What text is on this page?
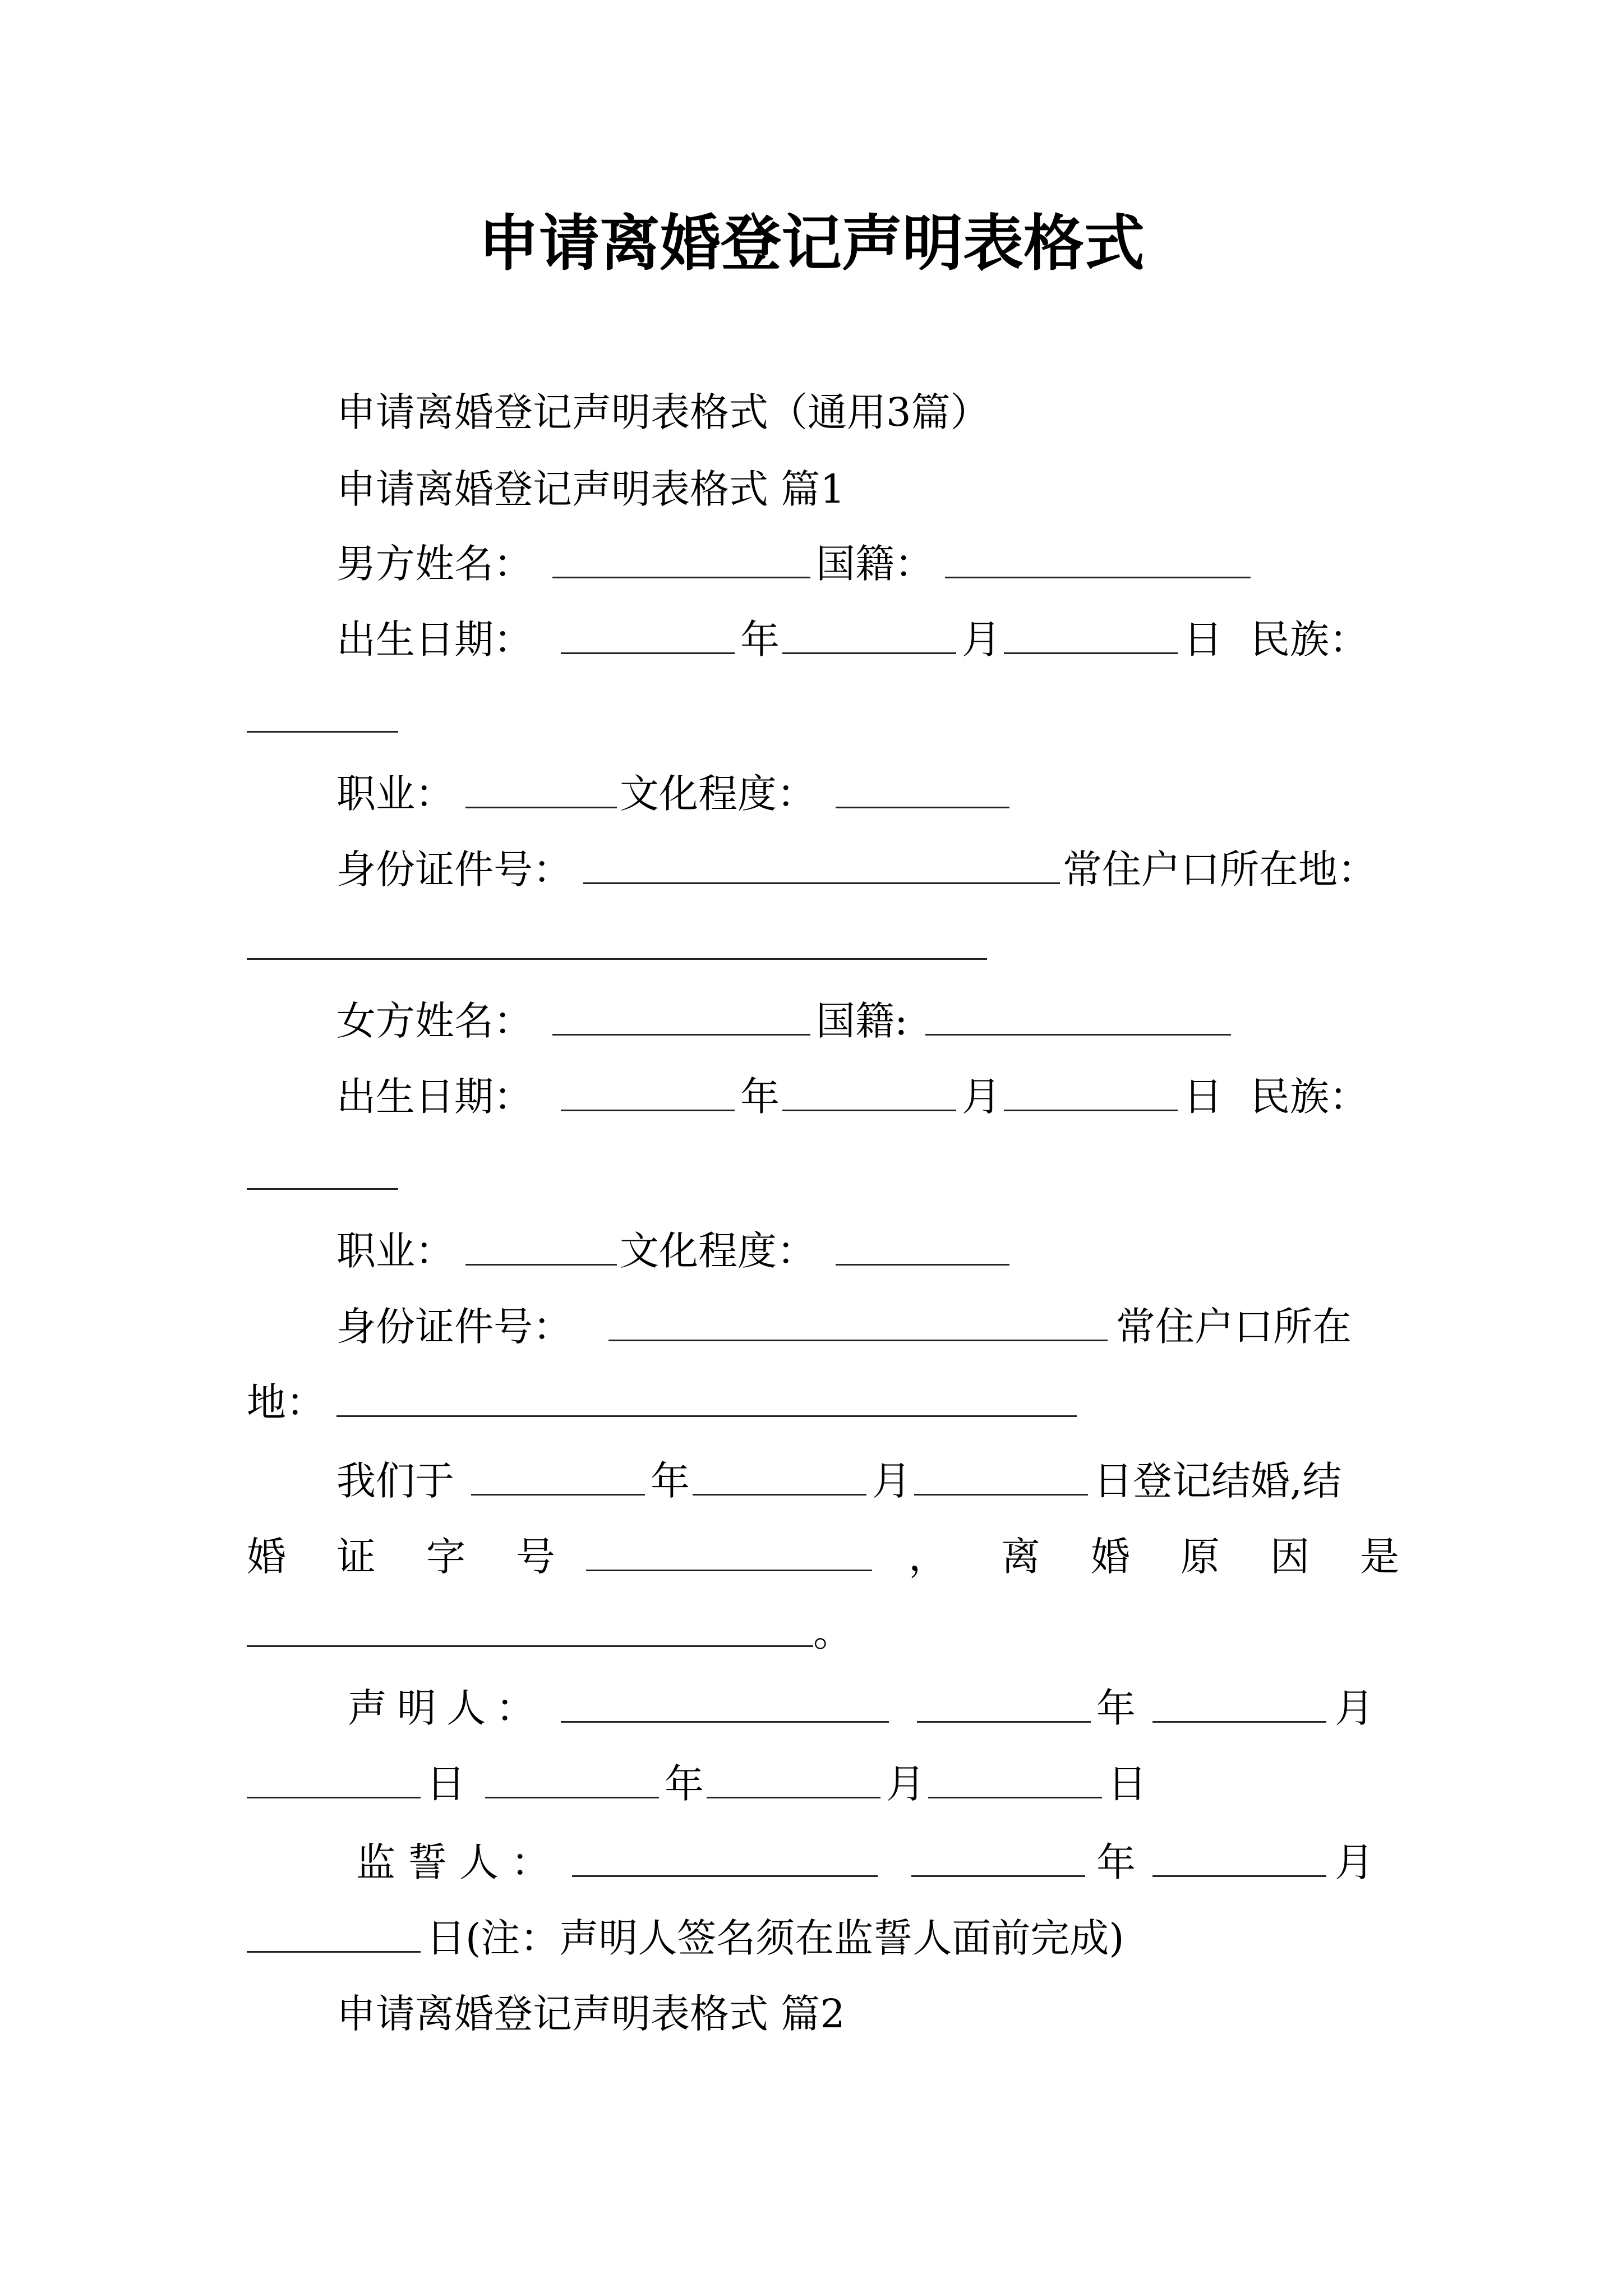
申请离婚登记声明表格式
申请离婚登记声明表格式（通用3篇）
申请离婚登记声明表格式 篇1
男方姓名：	国籍：
出生日期：	年	月	日 民族：
职业：	文化程度：
身份证件号：	常住户口所在地：
女方姓名：	国籍:
出生日期：	年	月	日 民族：
职业：	文化程度：
身份证件号：	常住户口所在
地：
我们于	年	月	日登记结婚,结
婚 证 字 号	， 离 婚 原 因 是
。
声明人：	年	月
日	年	月	日
监誓人：	年	月
日(注：声明人签名须在监誓人面前完成)
申请离婚登记声明表格式 篇2
